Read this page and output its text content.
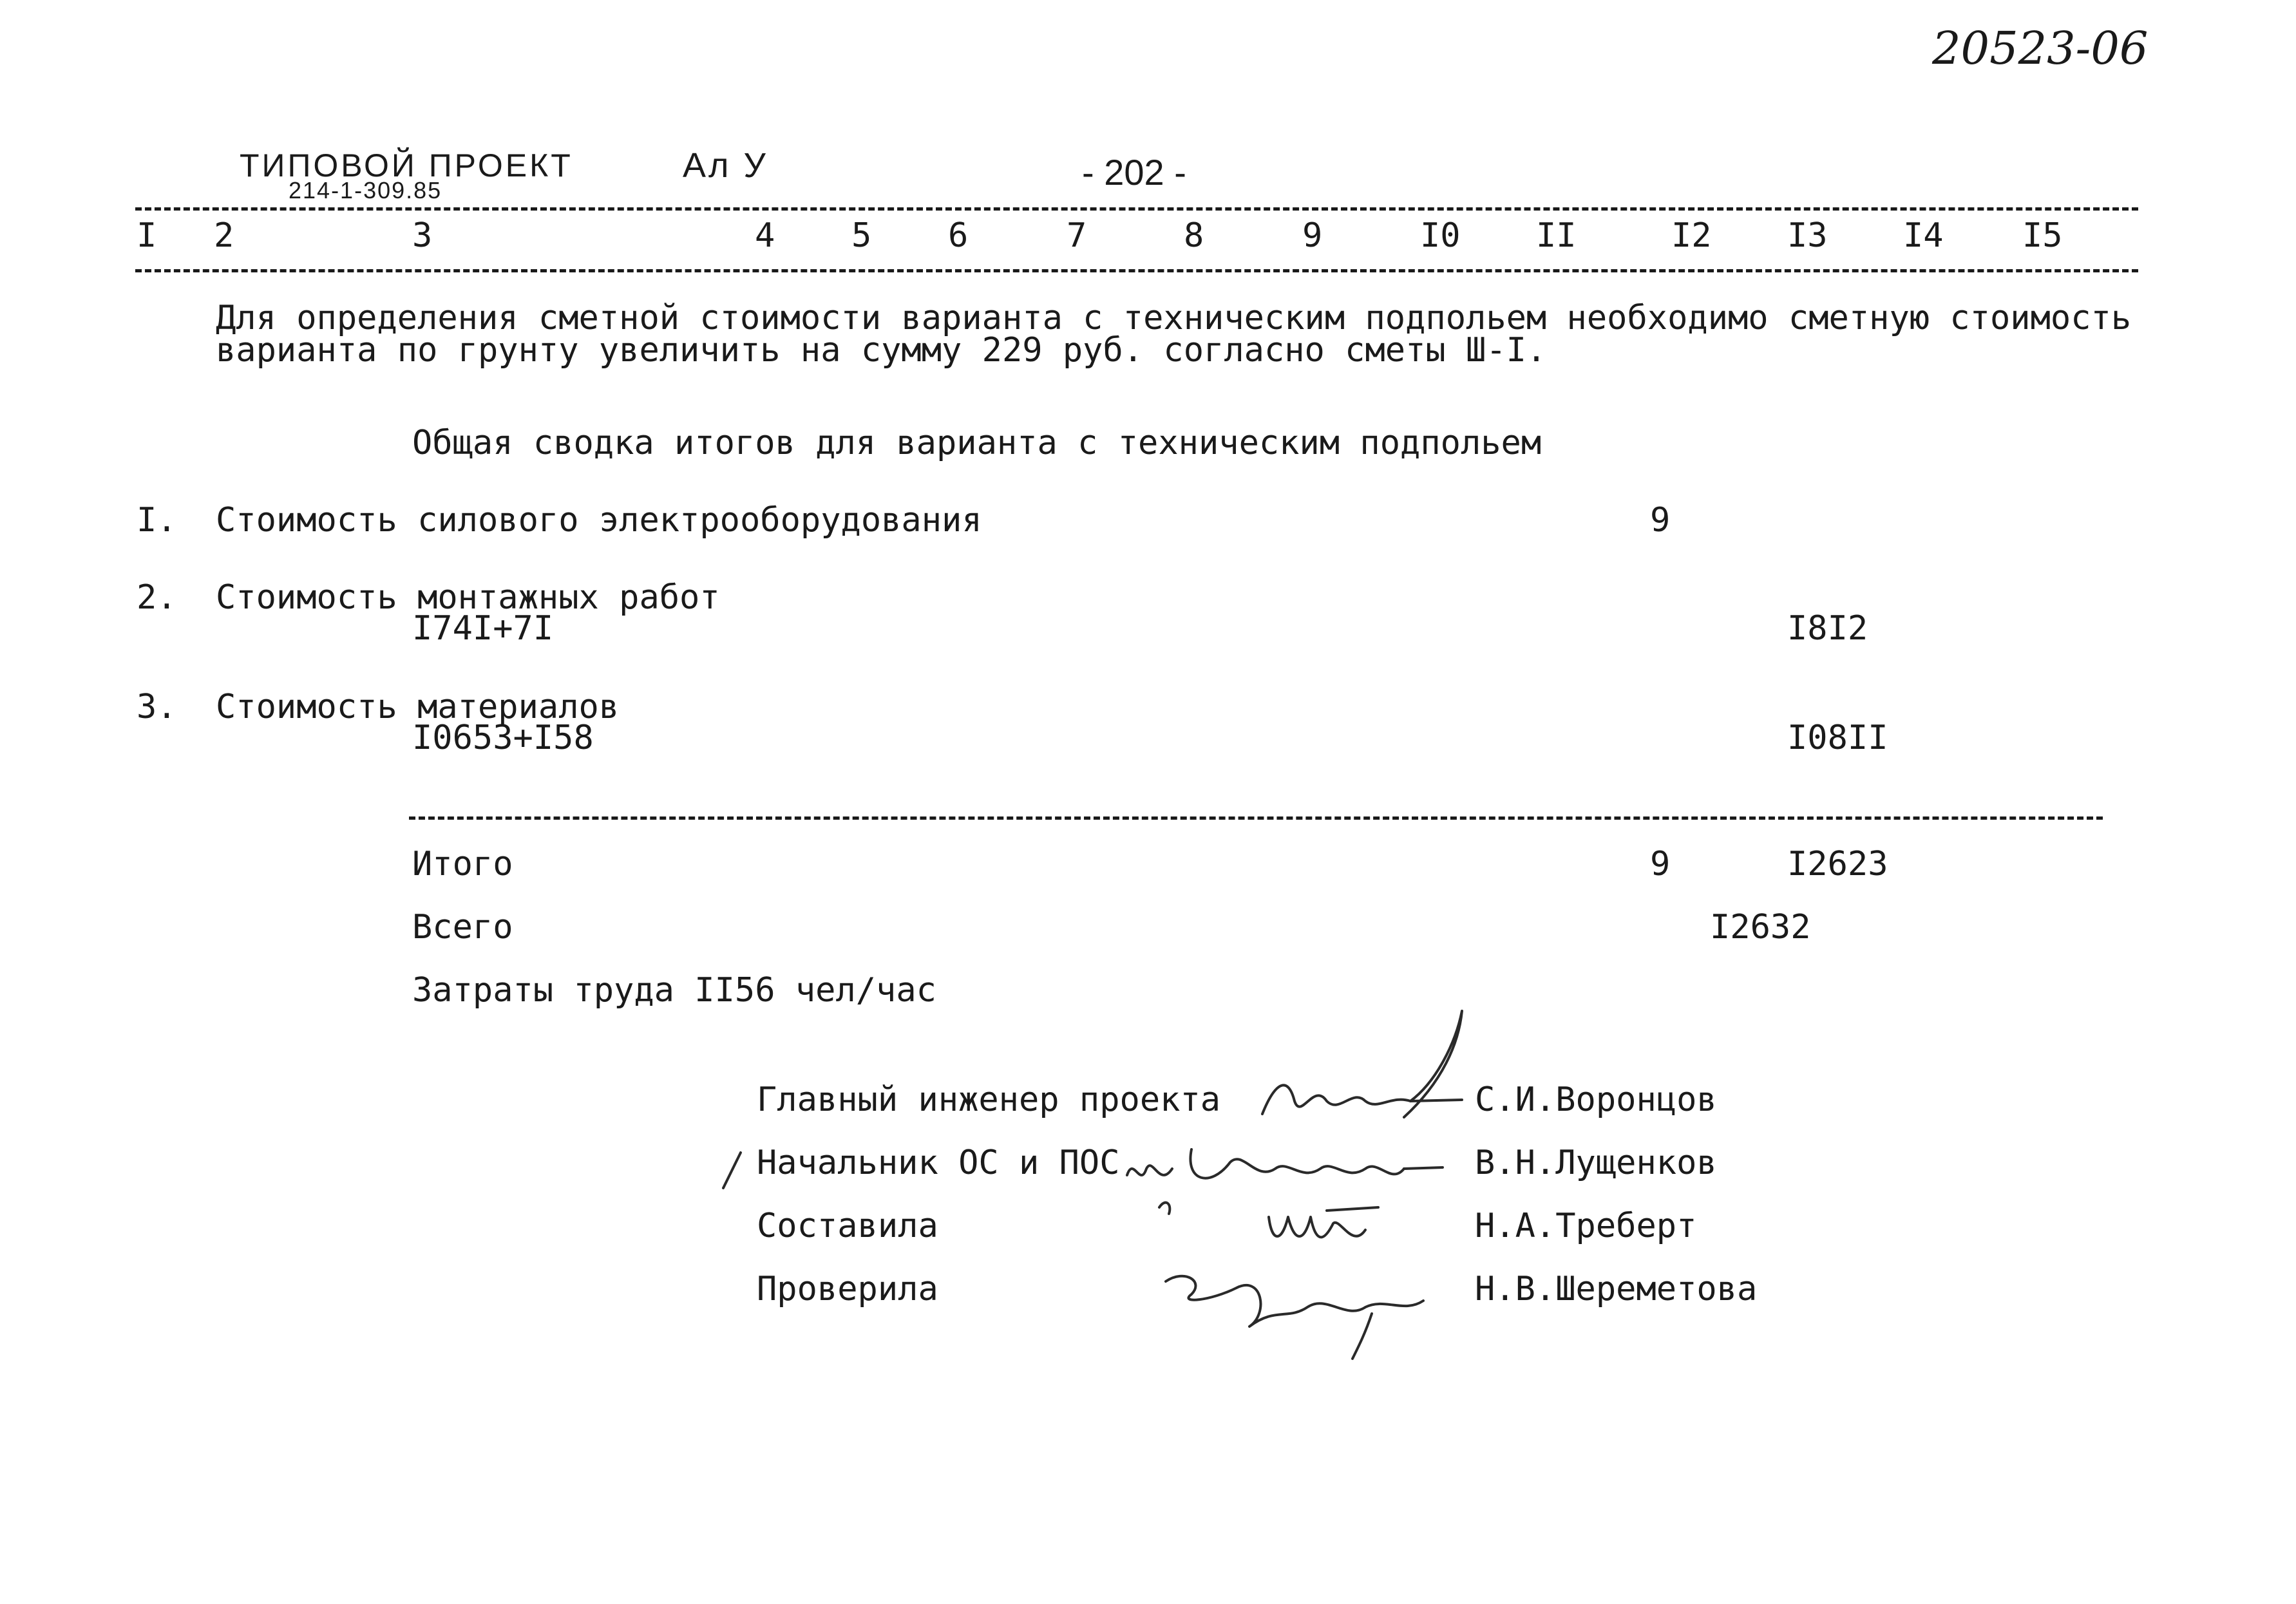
20523-06
ТИПОВОЙ ПРОЕКТ
214-1-309.85
Ал У	- 202 -
I 2	3	4 5 6	7	8	9	I0 II	I2 I3 I4 I5
Для определения сметной стоимости варианта с техническим подпольем необходимо сметную стоимость
варианта по грунту увеличить на сумму 229 руб. согласно сметы Ш-I.
Общая сводка итогов для варианта с техническим подпольем
I. Стоимость силового электрооборудования	9
2. Стоимость монтажных работ
I74I+7I	I8I2
3. Стоимость материалов
I0653+I58	I08II
Итого	9	I2623
Всего	I2632
Затраты труда II56 чел/час
Главный инженер проекта	С.И.Воронцов
Начальник ОС и ПОС	В.Н.Лущенков
Составила	Н.А.Треберт
Проверила	Н.В.Шереметова
